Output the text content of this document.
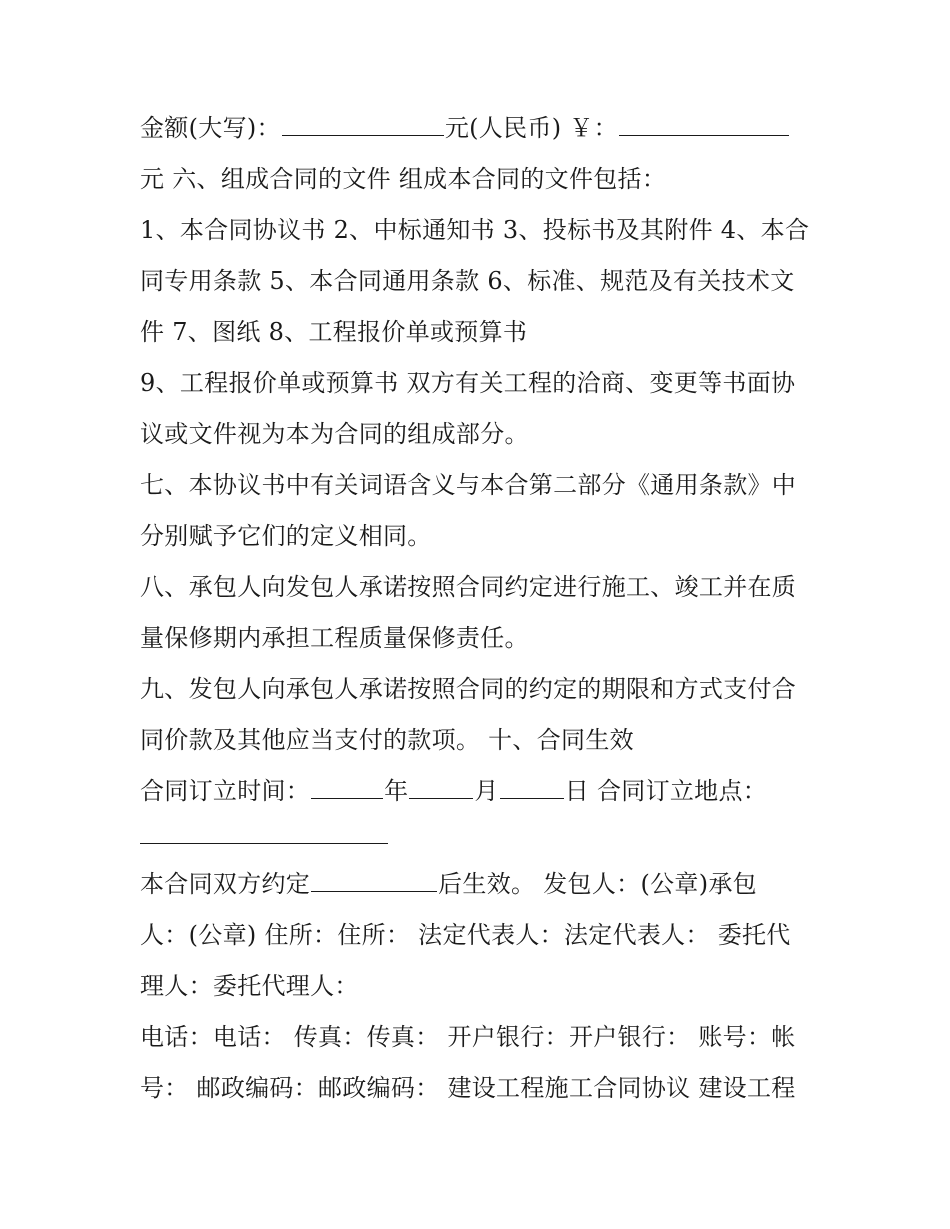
金额(大写)：	元(人民币) ￥：
元 六、组成合同的文件 组成本合同的文件包括：
1、本合同协议书 2、中标通知书 3、投标书及其附件 4、本合
同专用条款 5、本合同通用条款 6、标准、规范及有关技术文
件 7、图纸 8、工程报价单或预算书
9、工程报价单或预算书 双方有关工程的洽商、变更等书面协
议或文件视为本为合同的组成部分。
七、本协议书中有关词语含义与本合第二部分《通用条款》中
分别赋予它们的定义相同。
八、承包人向发包人承诺按照合同约定进行施工、竣工并在质
量保修期内承担工程质量保修责任。
九、发包人向承包人承诺按照合同的约定的期限和方式支付合
同价款及其他应当支付的款项。 十、合同生效
合同订立时间：	年	月	日 合同订立地点：
本合同双方约定	后生效。 发包人：(公章)承包
人：(公章) 住所：住所： 法定代表人：法定代表人： 委托代
理人：委托代理人：
电话：电话： 传真：传真： 开户银行：开户银行： 账号：帐
号： 邮政编码：邮政编码： 建设工程施工合同协议 建设工程
